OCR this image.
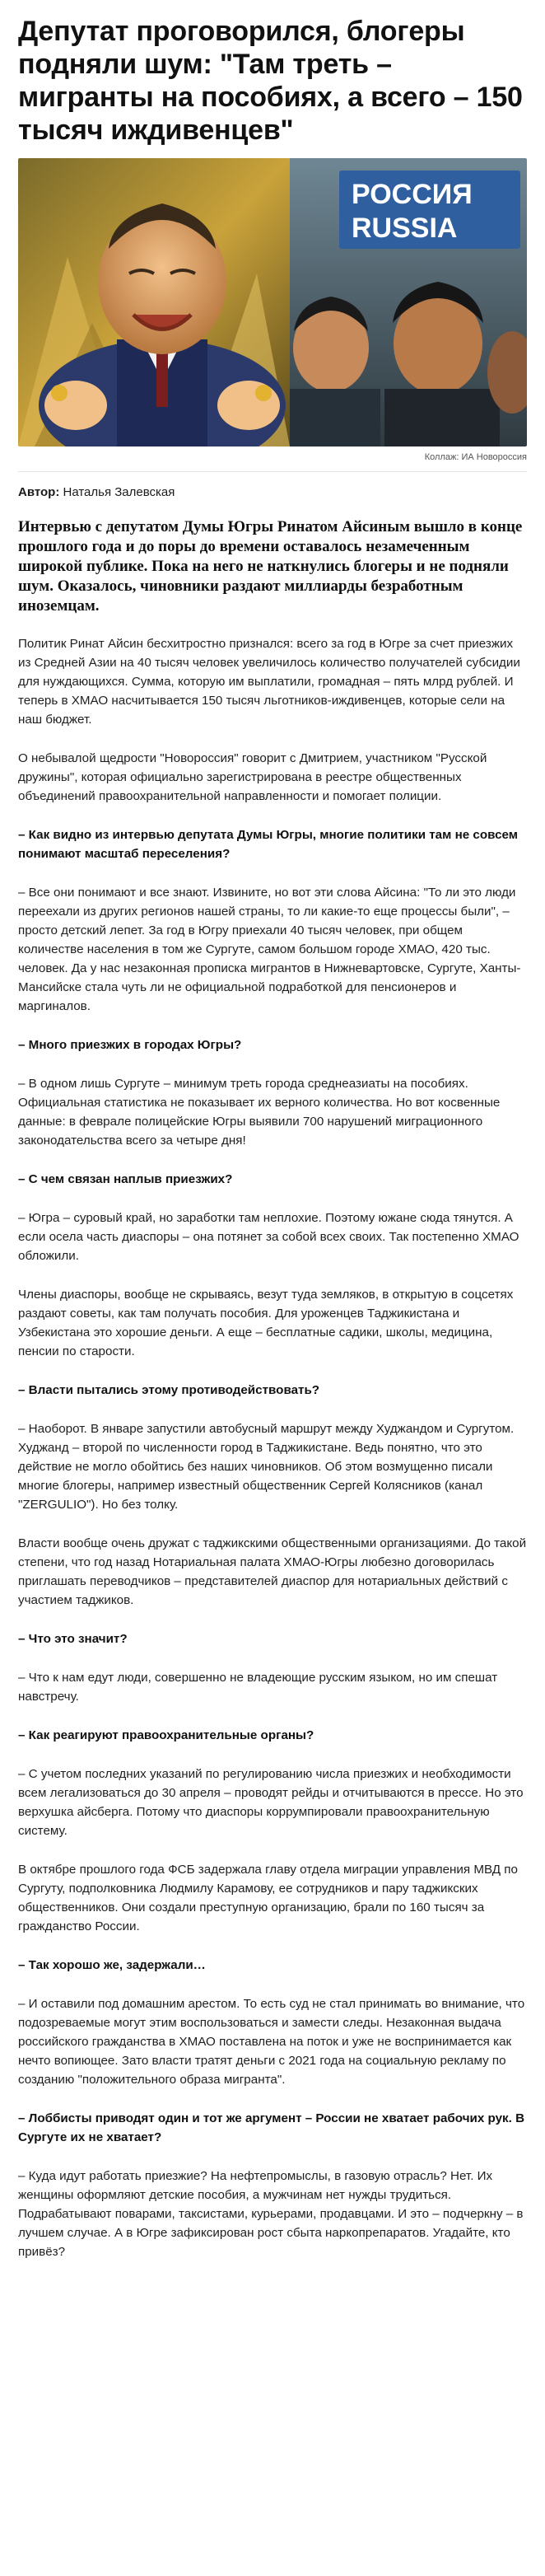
Депутат проговорился, блогеры подняли шум: "Там треть – мигранты на пособиях, а всего – 150 тысяч иждивенцев"
РОССИЯ
RUSSIA
Коллаж: ИА Новороссия
Автор: Наталья Залевская
Интервью с депутатом Думы Югры Ринатом Айсиным вышло в конце прошлого года и до поры до времени оставалось незамеченным широкой публике. Пока на него не наткнулись блогеры и не подняли шум. Оказалось, чиновники раздают миллиарды безработным иноземцам.

Политик Ринат Айсин бесхитростно признался: всего за год в Югре за счет приезжих из Средней Азии на 40 тысяч человек увеличилось количество получателей субсидии для нуждающихся. Сумма, которую им выплатили, громадная – пять млрд рублей. И теперь в ХМАО насчитывается 150 тысяч льготников-иждивенцев, которые сели на наш бюджет.

О небывалой щедрости "Новороссия" говорит с Дмитрием, участником "Русской дружины", которая официально зарегистрирована в реестре общественных объединений правоохранительной направленности и помогает полиции.

– Как видно из интервью депутата Думы Югры, многие политики там не совсем понимают масштаб переселения?

– Все они понимают и все знают. Извините, но вот эти слова Айсина: "То ли это люди переехали из других регионов нашей страны, то ли какие-то еще процессы были", – просто детский лепет. За год в Югру приехали 40 тысяч человек, при общем количестве населения в том же Сургуте, самом большом городе ХМАО, 420 тыс. человек. Да у нас незаконная прописка мигрантов в Нижневартовске, Сургуте, Ханты-Мансийске стала чуть ли не официальной подработкой для пенсионеров и маргиналов.

– Много приезжих в городах Югры?

– В одном лишь Сургуте – минимум треть города среднеазиаты на пособиях. Официальная статистика не показывает их верного количества. Но вот косвенные данные: в феврале полицейские Югры выявили 700 нарушений миграционного законодательства всего за четыре дня!

– С чем связан наплыв приезжих?

– Югра – суровый край, но заработки там неплохие. Поэтому южане сюда тянутся. А если осела часть диаспоры – она потянет за собой всех своих. Так постепенно ХМАО обложили.

Члены диаспоры, вообще не скрываясь, везут туда земляков, в открытую в соцсетях раздают советы, как там получать пособия. Для уроженцев Таджикистана и Узбекистана это хорошие деньги. А еще – бесплатные садики, школы, медицина, пенсии по старости.

– Власти пытались этому противодействовать?

– Наоборот. В январе запустили автобусный маршрут между Худжандом и Сургутом. Худжанд – второй по численности город в Таджикистане. Ведь понятно, что это действие не могло обойтись без наших чиновников. Об этом возмущенно писали многие блогеры, например известный общественник Сергей Колясников (канал "ZERGULIO"). Но без толку.

Власти вообще очень дружат с таджикскими общественными организациями. До такой степени, что год назад Нотариальная палата ХМАО-Югры любезно договорилась приглашать переводчиков – представителей диаспор для нотариальных действий с участием таджиков.

– Что это значит?

– Что к нам едут люди, совершенно не владеющие русским языком, но им спешат навстречу.

– Как реагируют правоохранительные органы?

– С учетом последних указаний по регулированию числа приезжих и необходимости всем легализоваться до 30 апреля – проводят рейды и отчитываются в прессе. Но это верхушка айсберга. Потому что диаспоры коррумпировали правоохранительную систему.

В октябре прошлого года ФСБ задержала главу отдела миграции управления МВД по Сургуту, подполковника Людмилу Карамову, ее сотрудников и пару таджикских общественников. Они создали преступную организацию, брали по 160 тысяч за гражданство России.

– Так хорошо же, задержали…

– И оставили под домашним арестом. То есть суд не стал принимать во внимание, что подозреваемые могут этим воспользоваться и замести следы. Незаконная выдача российского гражданства в ХМАО поставлена на поток и уже не воспринимается как нечто вопиющее. Зато власти тратят деньги с 2021 года на социальную рекламу по созданию "положительного образа мигранта".

– Лоббисты приводят один и тот же аргумент – России не хватает рабочих рук. В Сургуте их не хватает?

– Куда идут работать приезжие? На нефтепромыслы, в газовую отрасль? Нет. Их женщины оформляют детские пособия, а мужчинам нет нужды трудиться. Подрабатывают поварами, таксистами, курьерами, продавцами. И это – подчеркну – в лучшем случае. А в Югре зафиксирован рост сбыта наркопрепаратов. Угадайте, кто привёз?
